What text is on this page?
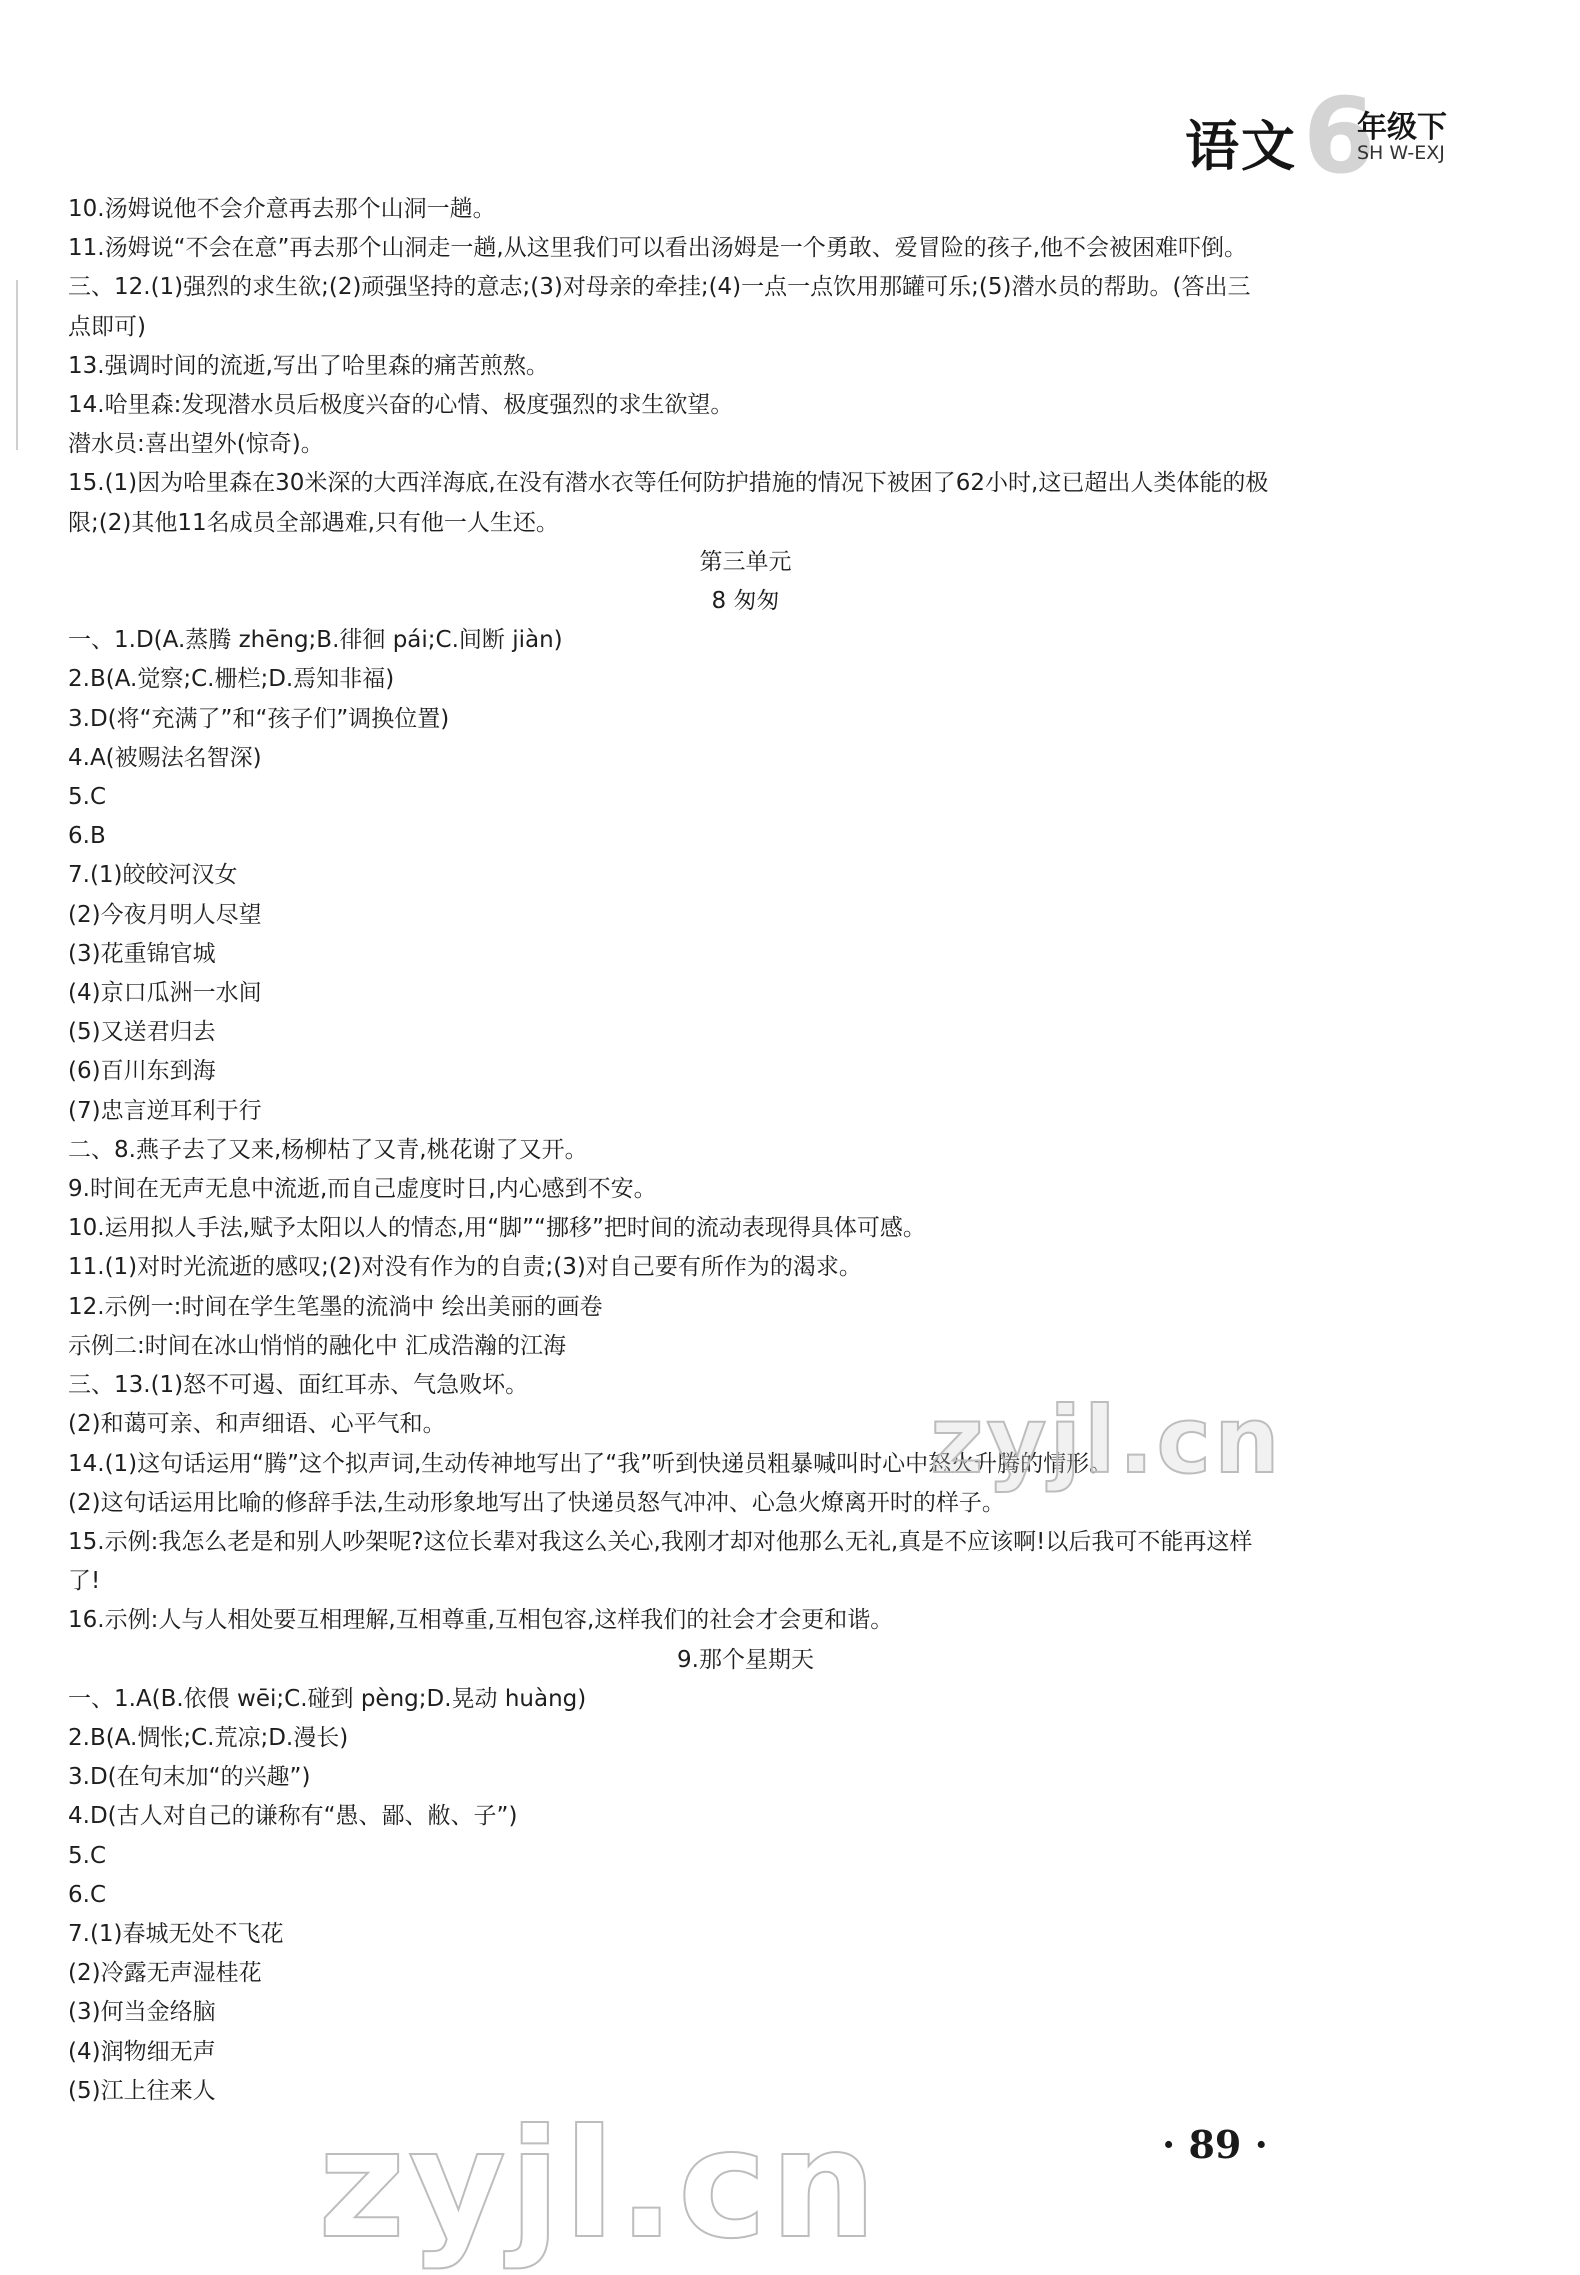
6
语文 年级下
SH W-EXJ
10.汤姆说他不会介意再去那个山洞一趟。
11.汤姆说“不会在意”再去那个山洞走一趟,从这里我们可以看出汤姆是一个勇敢、爱冒险的孩子,他不会被困难吓倒。
三、12.(1)强烈的求生欲;(2)顽强坚持的意志;(3)对母亲的牵挂;(4)一点一点饮用那罐可乐;(5)潜水员的帮助。(答出三
点即可)
13.强调时间的流逝,写出了哈里森的痛苦煎熬。
14.哈里森:发现潜水员后极度兴奋的心情、极度强烈的求生欲望。
潜水员:喜出望外(惊奇)。
15.(1)因为哈里森在30米深的大西洋海底,在没有潜水衣等任何防护措施的情况下被困了62小时,这已超出人类体能的极
限;(2)其他11名成员全部遇难,只有他一人生还。
第三单元
8 匆匆
一、1.D(A.蒸腾 zhēng;B.徘徊 pái;C.间断 jiàn)
2.B(A.觉察;C.栅栏;D.焉知非福)
3.D(将“充满了”和“孩子们”调换位置)
4.A(被赐法名智深)
5.C
6.B
7.(1)皎皎河汉女
(2)今夜月明人尽望
(3)花重锦官城
(4)京口瓜洲一水间
(5)又送君归去
(6)百川东到海
(7)忠言逆耳利于行
二、8.燕子去了又来,杨柳枯了又青,桃花谢了又开。
9.时间在无声无息中流逝,而自己虚度时日,内心感到不安。
10.运用拟人手法,赋予太阳以人的情态,用“脚”“挪移”把时间的流动表现得具体可感。
11.(1)对时光流逝的感叹;(2)对没有作为的自责;(3)对自己要有所作为的渴求。
12.示例一:时间在学生笔墨的流淌中 绘出美丽的画卷
示例二:时间在冰山悄悄的融化中 汇成浩瀚的江海
三、13.(1)怒不可遏、面红耳赤、气急败坏。
(2)和蔼可亲、和声细语、心平气和。
14.(1)这句话运用“腾”这个拟声词,生动传神地写出了“我”听到快递员粗暴喊叫时心中怒火升腾的情形。
(2)这句话运用比喻的修辞手法,生动形象地写出了快递员怒气冲冲、心急火燎离开时的样子。
15.示例:我怎么老是和别人吵架呢?这位长辈对我这么关心,我刚才却对他那么无礼,真是不应该啊!以后我可不能再这样
了!
16.示例:人与人相处要互相理解,互相尊重,互相包容,这样我们的社会才会更和谐。
9.那个星期天
一、1.A(B.依偎 wēi;C.碰到 pèng;D.晃动 huàng)
2.B(A.惆怅;C.荒凉;D.漫长)
3.D(在句末加“的兴趣”)
4.D(古人对自己的谦称有“愚、鄙、敝、子”)
5.C
6.C
7.(1)春城无处不飞花
(2)冷露无声湿桂花
(3)何当金络脑
(4)润物细无声
(5)江上往来人
zyjl.cn
zyjl.cn	· 89 ·
